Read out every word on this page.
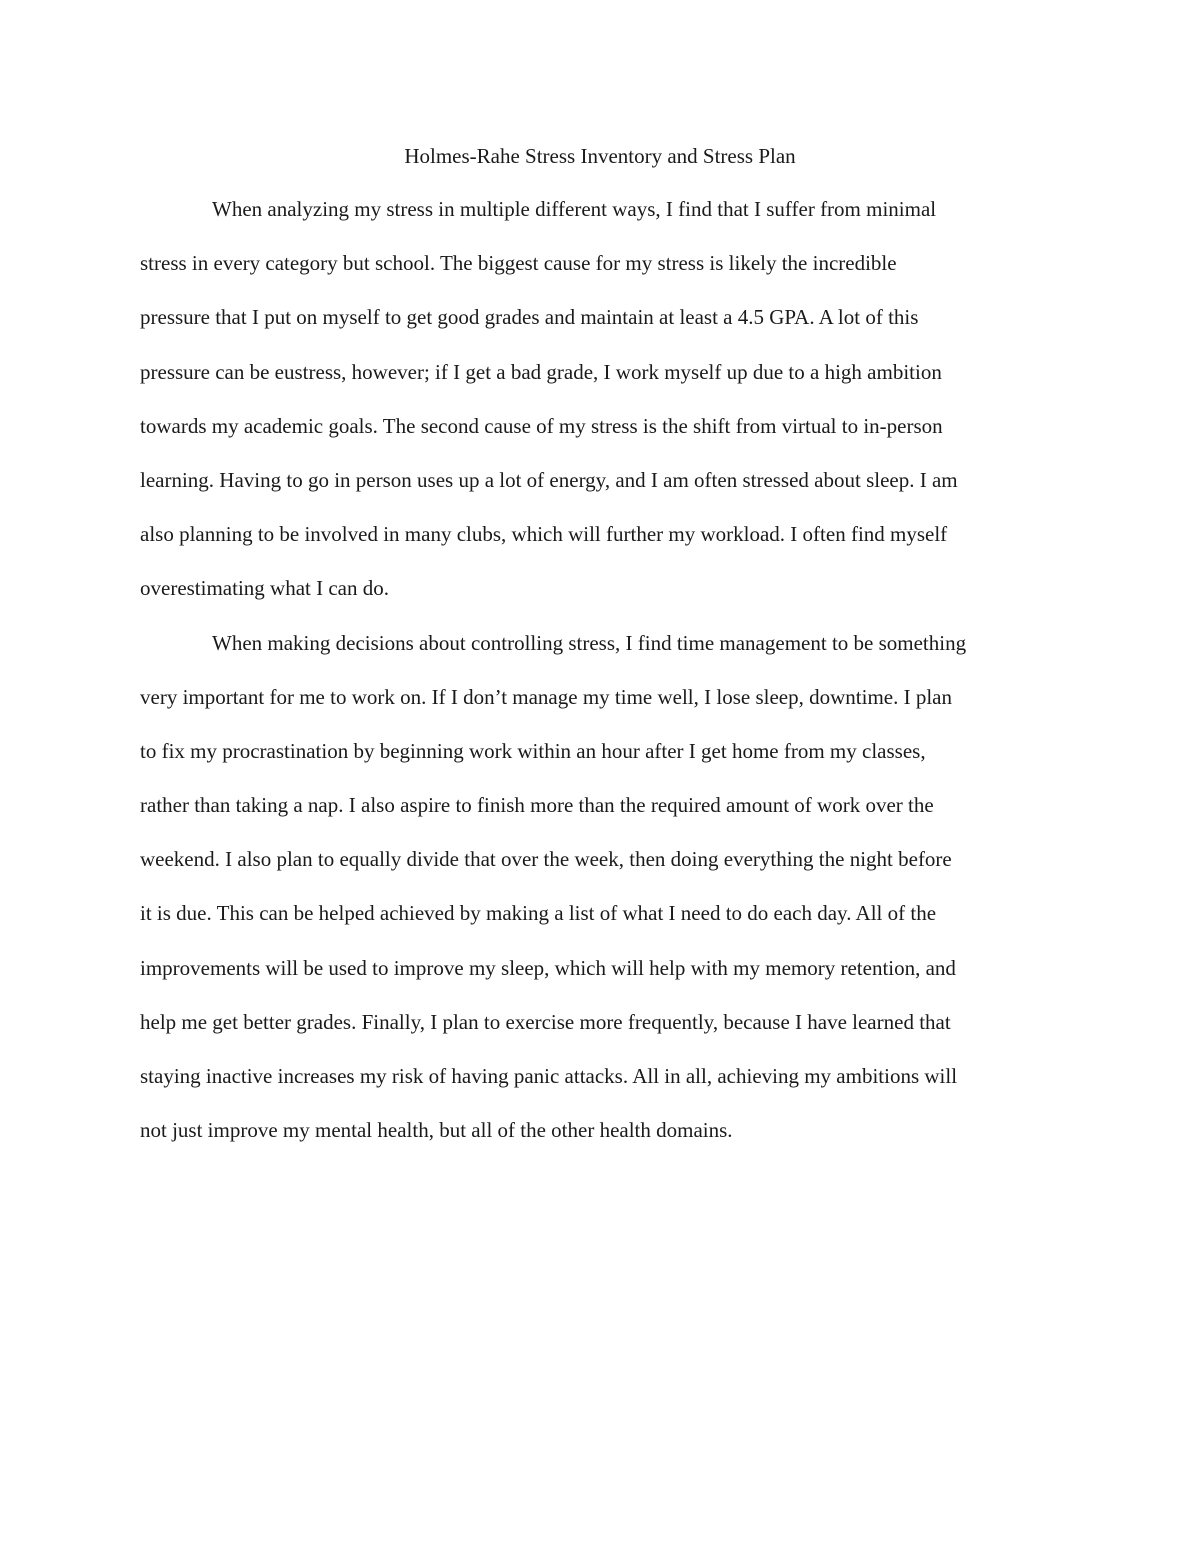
Holmes-Rahe Stress Inventory and Stress Plan
When analyzing my stress in multiple different ways, I find that I suffer from minimal
stress in every category but school. The biggest cause for my stress is likely the incredible
pressure that I put on myself to get good grades and maintain at least a 4.5 GPA. A lot of this
pressure can be eustress, however; if I get a bad grade, I work myself up due to a high ambition
towards my academic goals. The second cause of my stress is the shift from virtual to in-person
learning. Having to go in person uses up a lot of energy, and I am often stressed about sleep. I am
also planning to be involved in many clubs, which will further my workload. I often find myself
overestimating what I can do.
When making decisions about controlling stress, I find time management to be something
very important for me to work on. If I don’t manage my time well, I lose sleep, downtime. I plan
to fix my procrastination by beginning work within an hour after I get home from my classes,
rather than taking a nap. I also aspire to finish more than the required amount of work over the
weekend. I also plan to equally divide that over the week, then doing everything the night before
it is due. This can be helped achieved by making a list of what I need to do each day. All of the
improvements will be used to improve my sleep, which will help with my memory retention, and
help me get better grades. Finally, I plan to exercise more frequently, because I have learned that
staying inactive increases my risk of having panic attacks. All in all, achieving my ambitions will
not just improve my mental health, but all of the other health domains.
